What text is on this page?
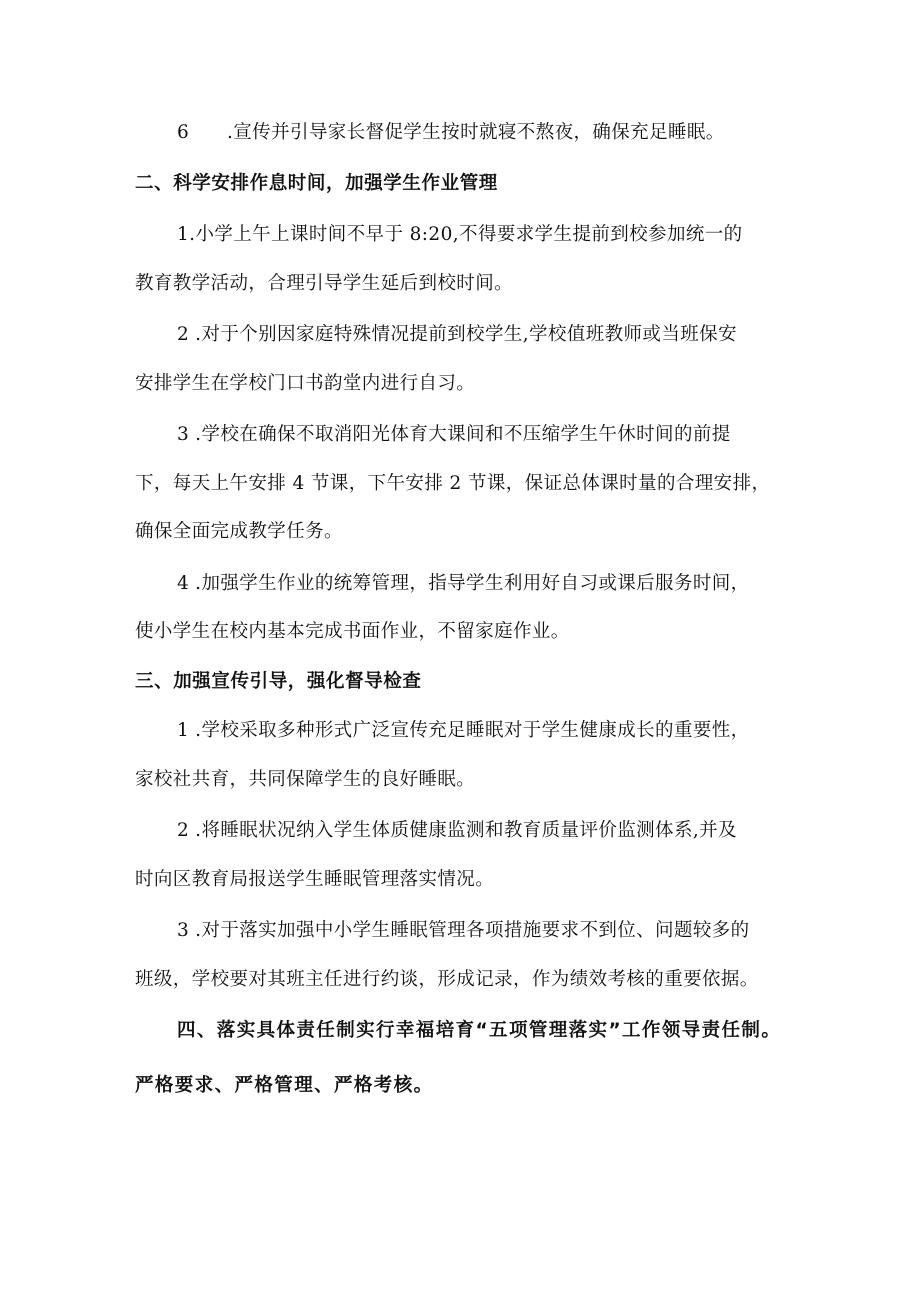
6 .宣传并引导家长督促学生按时就寝不熬夜，确保充足睡眠。
二、科学安排作息时间，加强学生作业管理
1.小学上午上课时间不早于 8:20,不得要求学生提前到校参加统一的
教育教学活动，合理引导学生延后到校时间。
2 .对于个别因家庭特殊情况提前到校学生,学校值班教师或当班保安
安排学生在学校门口书韵堂内进行自习。
3 .学校在确保不取消阳光体育大课间和不压缩学生午休时间的前提
下，每天上午安排 4 节课，下午安排 2 节课，保证总体课时量的合理安排，
确保全面完成教学任务。
4 .加强学生作业的统筹管理，指导学生利用好自习或课后服务时间，
使小学生在校内基本完成书面作业，不留家庭作业。
三、加强宣传引导，强化督导检查
1 .学校采取多种形式广泛宣传充足睡眠对于学生健康成长的重要性，
家校社共育，共同保障学生的良好睡眠。
2 .将睡眠状况纳入学生体质健康监测和教育质量评价监测体系,并及
时向区教育局报送学生睡眠管理落实情况。
3 .对于落实加强中小学生睡眠管理各项措施要求不到位、问题较多的
班级，学校要对其班主任进行约谈，形成记录，作为绩效考核的重要依据。
四、落实具体责任制实行幸福培育“五项管理落实”工作领导责任制。
严格要求、严格管理、严格考核。
